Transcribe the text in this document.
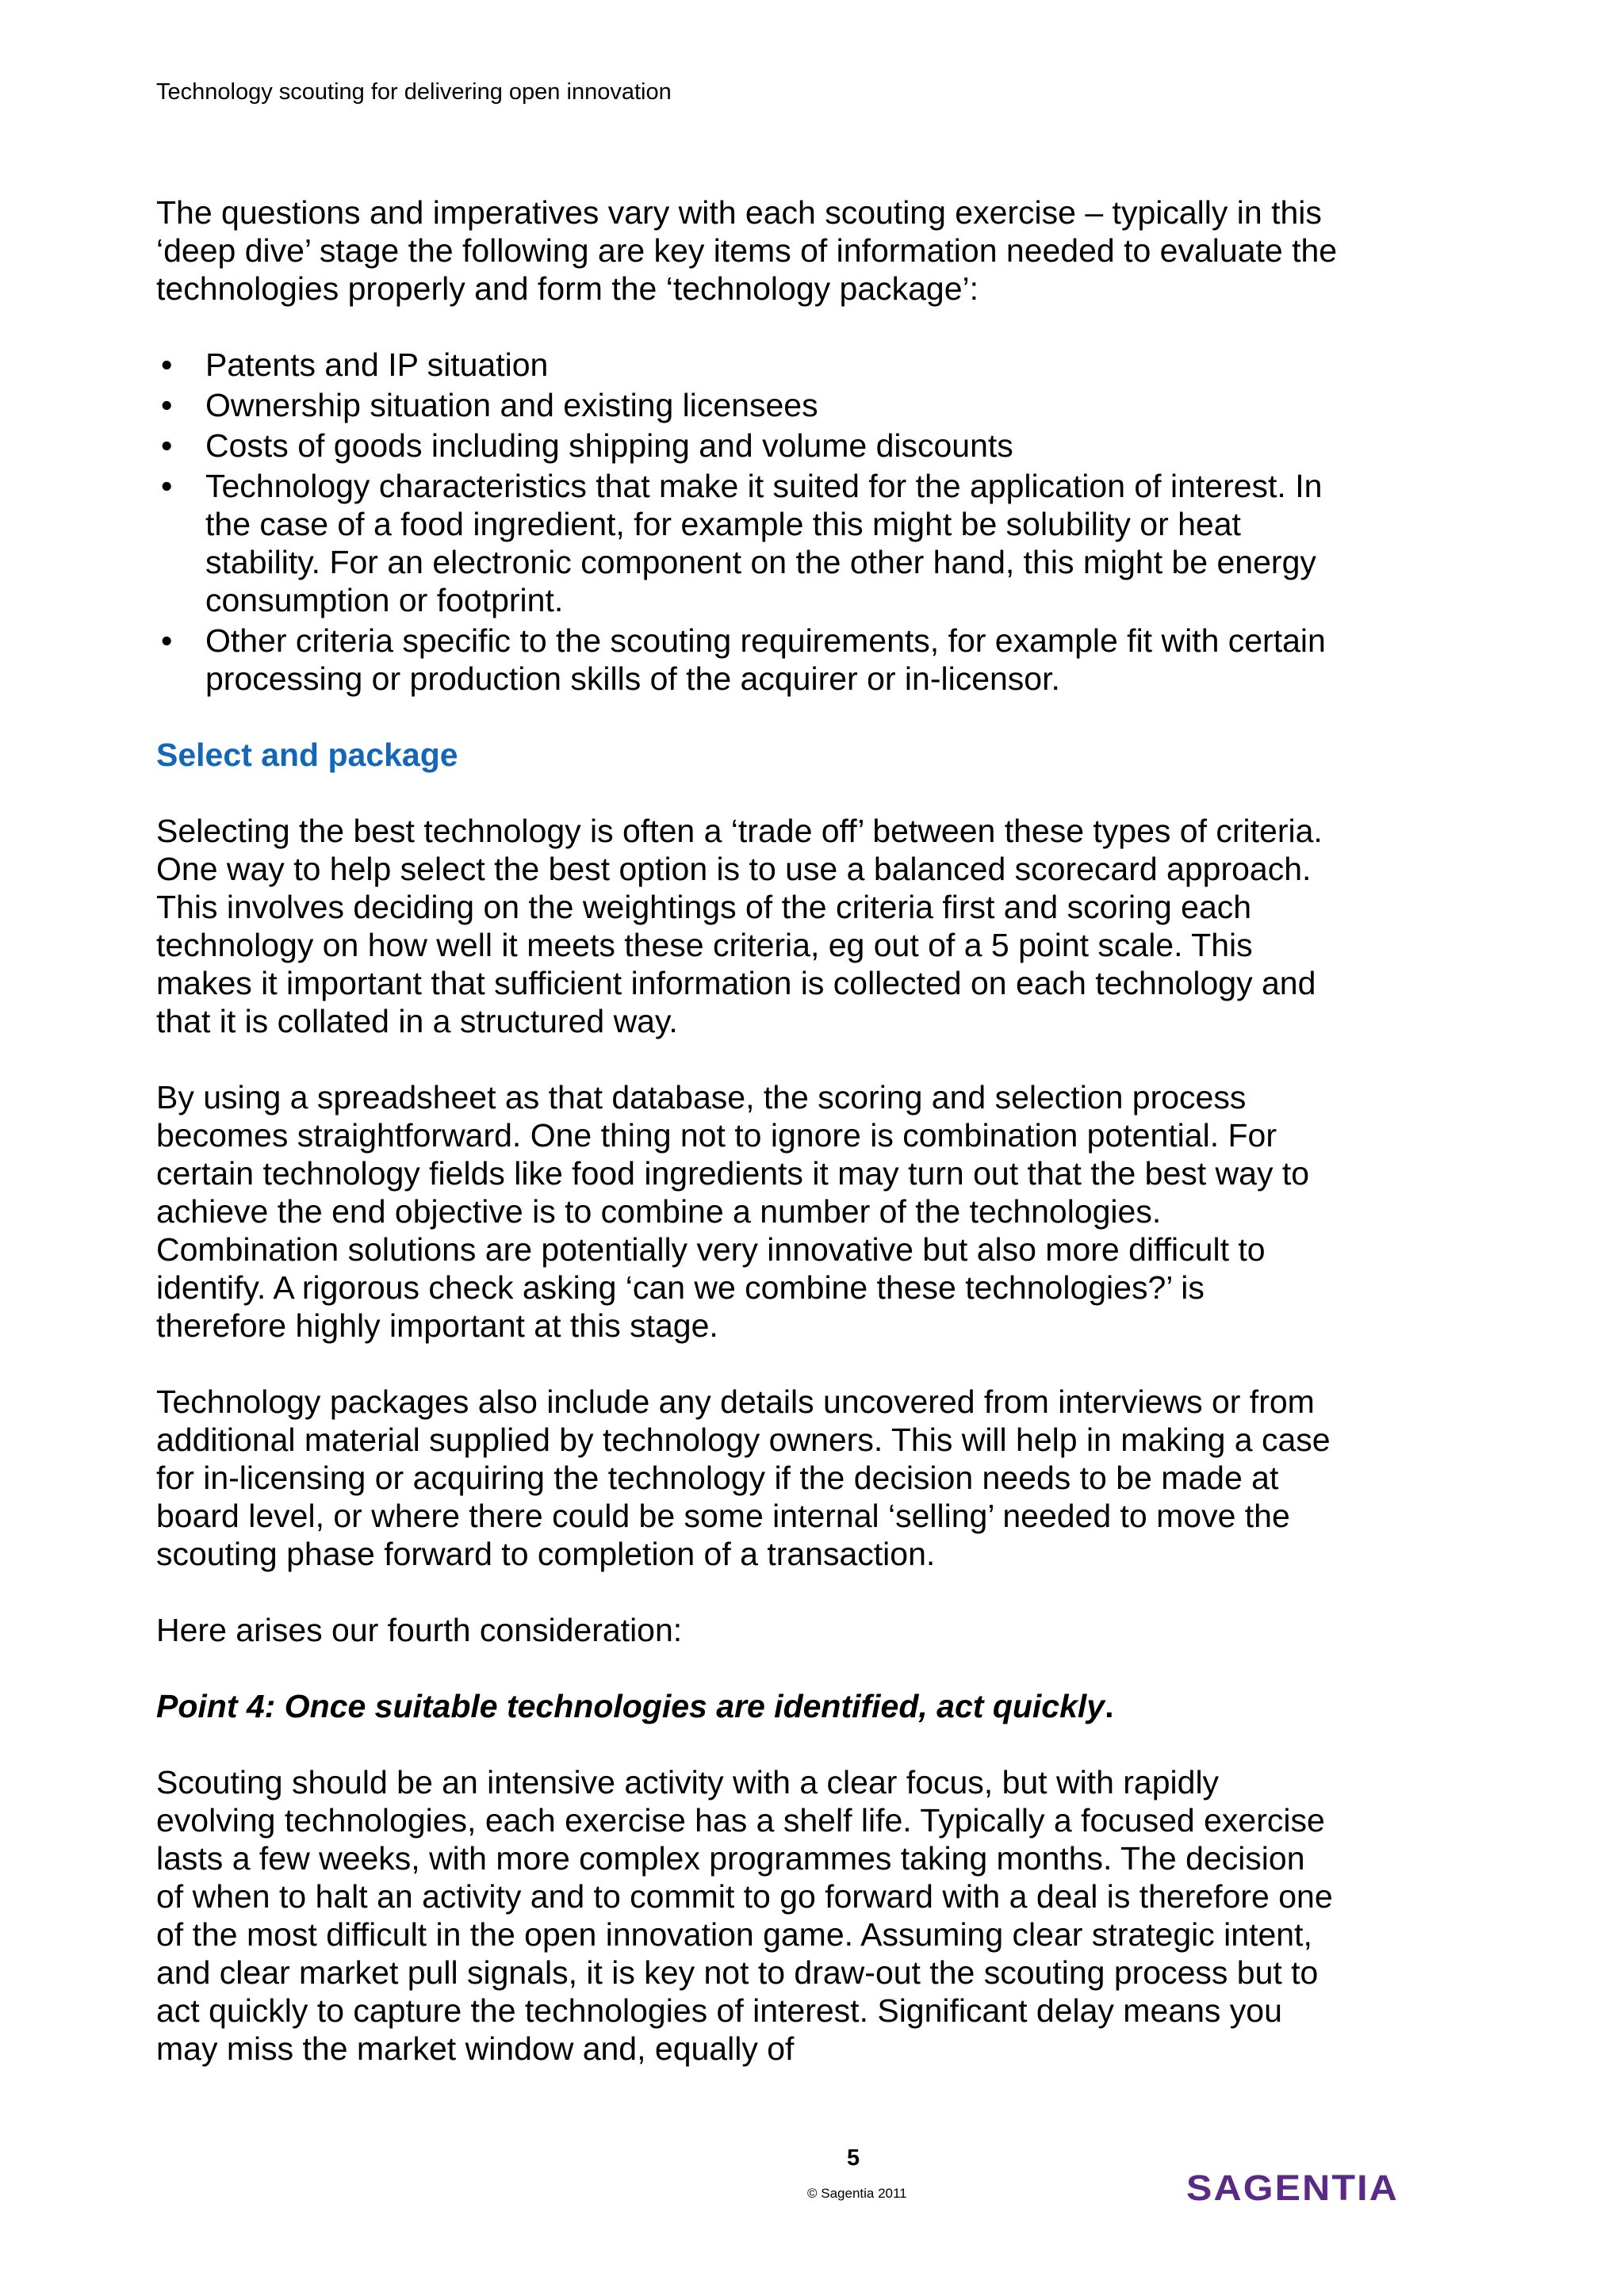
Technology scouting for delivering open innovation

The questions and imperatives vary with each scouting exercise – typically in this ‘deep dive’ stage the following are key items of information needed to evaluate the technologies properly and form the ‘technology package’:

• Patents and IP situation
• Ownership situation and existing licensees
• Costs of goods including shipping and volume discounts
• Technology characteristics that make it suited for the application of interest. In the case of a food ingredient, for example this might be solubility or heat stability. For an electronic component on the other hand, this might be energy consumption or footprint.
• Other criteria specific to the scouting requirements, for example fit with certain processing or production skills of the acquirer or in-licensor.
Select and package

Selecting the best technology is often a ‘trade off’ between these types of criteria. One way to help select the best option is to use a balanced scorecard approach. This involves deciding on the weightings of the criteria first and scoring each technology on how well it meets these criteria, eg out of a 5 point scale. This makes it important that sufficient information is collected on each technology and that it is collated in a structured way.

By using a spreadsheet as that database, the scoring and selection process becomes straightforward. One thing not to ignore is combination potential. For certain technology fields like food ingredients it may turn out that the best way to achieve the end objective is to combine a number of the technologies. Combination solutions are potentially very innovative but also more difficult to identify. A rigorous check asking ‘can we combine these technologies?’ is therefore highly important at this stage.

Technology packages also include any details uncovered from interviews or from additional material supplied by technology owners. This will help in making a case for in-licensing or acquiring the technology if the decision needs to be made at board level, or where there could be some internal ‘selling’ needed to move the scouting phase forward to completion of a transaction.

Here arises our fourth consideration:

Point 4: Once suitable technologies are identified, act quickly.

Scouting should be an intensive activity with a clear focus, but with rapidly evolving technologies, each exercise has a shelf life. Typically a focused exercise lasts a few weeks, with more complex programmes taking months. The decision of when to halt an activity and to commit to go forward with a deal is therefore one of the most difficult in the open innovation game. Assuming clear strategic intent, and clear market pull signals, it is key not to draw-out the scouting process but to act quickly to capture the technologies of interest. Significant delay means you may miss the market window and, equally of

5
© Sagentia 2011	SAGENTIA
